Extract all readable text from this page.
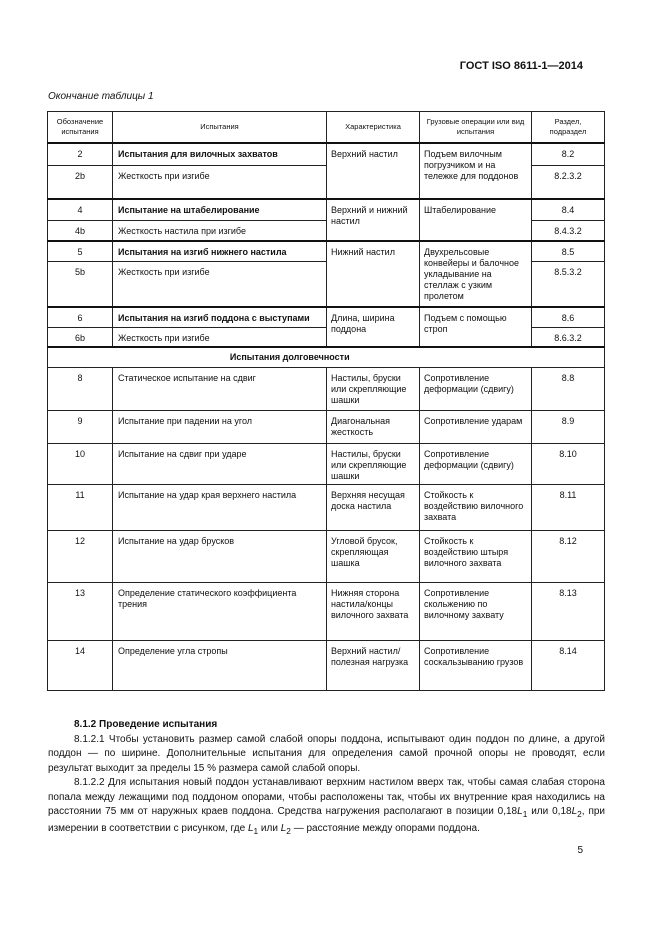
ГОСТ ISO 8611-1—2014
Окончание таблицы 1
Обозначение испытания	Испытания	Характеристика	Грузовые операции или вид испытания	Раздел, подраздел
2	Испытания для вилочных захватов	Верхний настил	Подъем вилочным погрузчиком и на тележке для поддонов	8.2
2b	Жесткость при изгибе			8.2.3.2
4	Испытание на штабелирование	Верхний и нижний настил	Штабелирование	8.4
4b	Жесткость настила при изгибе			8.4.3.2
5	Испытания на изгиб нижнего настила	Нижний настил	Двухрельсовые конвейеры и балочное укладывание на стеллаж с узким пролетом	8.5
5b	Жесткость при изгибе			8.5.3.2
6	Испытания на изгиб поддона с выступами	Длина, ширина поддона	Подъем с помощью строп	8.6
6b	Жесткость при изгибе			8.6.3.2
Испытания долговечности				
8	Статическое испытание на сдвиг	Настилы, бруски или скрепляющие шашки	Сопротивление деформации (сдвигу)	8.8
9	Испытание при падении на угол	Диагональная жесткость	Сопротивление ударам	8.9
10	Испытание на сдвиг при ударе	Настилы, бруски или скрепляющие шашки	Сопротивление деформации (сдвигу)	8.10
11	Испытание на удар края верхнего настила	Верхняя несущая доска настила	Стойкость к воздействию вилочного захвата	8.11
12	Испытание на удар брусков	Угловой брусок, скрепляющая шашка	Стойкость к воздействию штыря вилочного захвата	8.12
13	Определение статического коэффициента трения	Нижняя сторона настила/концы вилочного захвата	Сопротивление скольжению по вилочному захвату	8.13
14	Определение угла стропы	Верхний настил/ полезная нагрузка	Сопротивление соскальзыванию грузов	8.14

8.1.2 Проведение испытания

8.1.2.1 Чтобы установить размер самой слабой опоры поддона, испытывают один поддон по длине, а другой поддон — по ширине. Дополнительные испытания для определения самой прочной опоры не проводят, если результат выходит за пределы 15 % размера самой слабой опоры.

8.1.2.2 Для испытания новый поддон устанавливают верхним настилом вверх так, чтобы самая слабая сторона попала между лежащими под поддоном опорами, чтобы расположены так, чтобы их внутренние края находились на расстоянии 75 мм от наружных краев поддона. Средства нагружения располагают в позиции $0,18L_1$ или $0,18L_2$, при измерении в соответствии с рисунком, где $L_1$ или $L_2$ — расстояние между опорами поддона.

5
